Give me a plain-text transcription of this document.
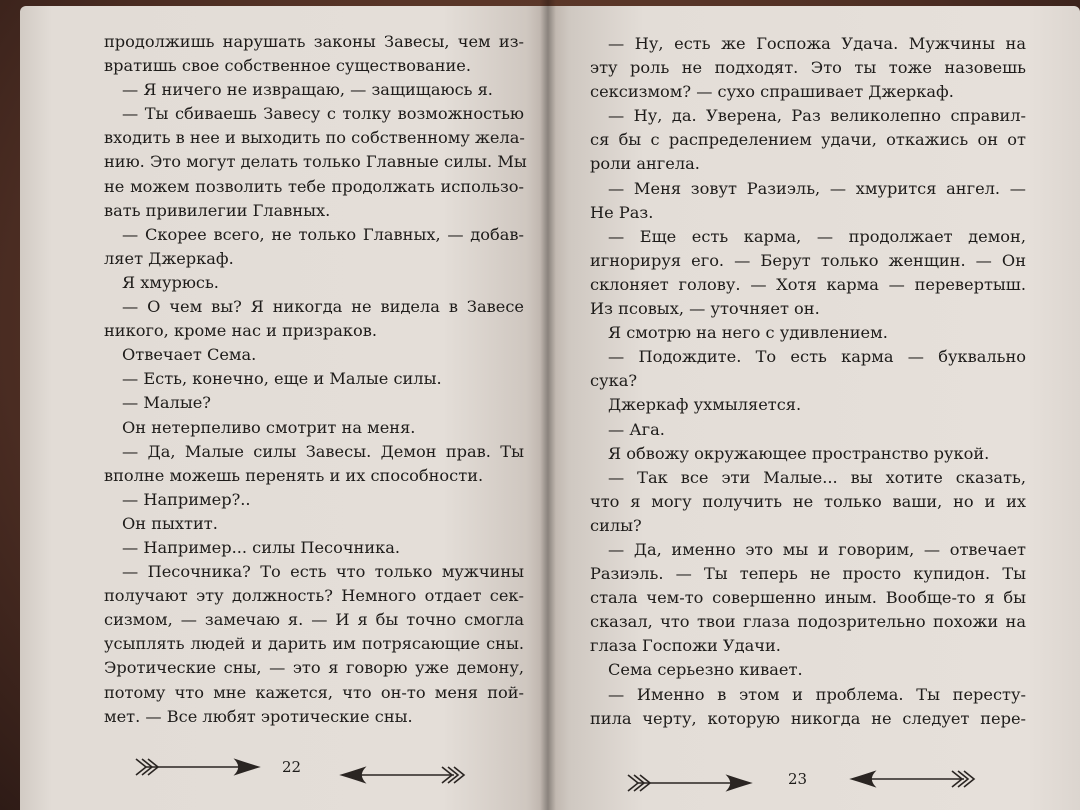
продолжишь нарушать законы Завесы, чем из-
вратишь свое собственное существование.
— Я ничего не извращаю, — защищаюсь я.
— Ты сбиваешь Завесу с толку возможностью
входить в нее и выходить по собственному жела-
нию. Это могут делать только Главные силы. Мы
не можем позволить тебе продолжать использо-
вать привилегии Главных.
— Скорее всего, не только Главных, — добав-
ляет Джеркаф.
Я хмурюсь.
— О чем вы? Я никогда не видела в Завесе
никого, кроме нас и призраков.
Отвечает Сема.
— Есть, конечно, еще и Малые силы.
— Малые?
Он нетерпеливо смотрит на меня.
— Да, Малые силы Завесы. Демон прав. Ты
вполне можешь перенять и их способности.
— Например?..
Он пыхтит.
— Например... силы Песочника.
— Песочника? То есть что только мужчины
получают эту должность? Немного отдает сек-
сизмом, — замечаю я. — И я бы точно смогла
усыплять людей и дарить им потрясающие сны.
Эротические сны, — это я говорю уже демону,
потому что мне кажется, что он-то меня пой-
мет. — Все любят эротические сны.
22
— Ну, есть же Госпожа Удача. Мужчины на
эту роль не подходят. Это ты тоже назовешь
сексизмом? — сухо спрашивает Джеркаф.
— Ну, да. Уверена, Раз великолепно справил-
ся бы с распределением удачи, откажись он от
роли ангела.
— Меня зовут Разиэль, — хмурится ангел. —
Не Раз.
— Еще есть карма, — продолжает демон,
игнорируя его. — Берут только женщин. — Он
склоняет голову. — Хотя карма — перевертыш.
Из псовых, — уточняет он.
Я смотрю на него с удивлением.
— Подождите. То есть карма — буквально
сука?
Джеркаф ухмыляется.
— Ага.
Я обвожу окружающее пространство рукой.
— Так все эти Малые... вы хотите сказать,
что я могу получить не только ваши, но и их
силы?
— Да, именно это мы и говорим, — отвечает
Разиэль. — Ты теперь не просто купидон. Ты
стала чем-то совершенно иным. Вообще-то я бы
сказал, что твои глаза подозрительно похожи на
глаза Госпожи Удачи.
Сема серьезно кивает.
— Именно в этом и проблема. Ты пересту-
пила черту, которую никогда не следует пере-
23
